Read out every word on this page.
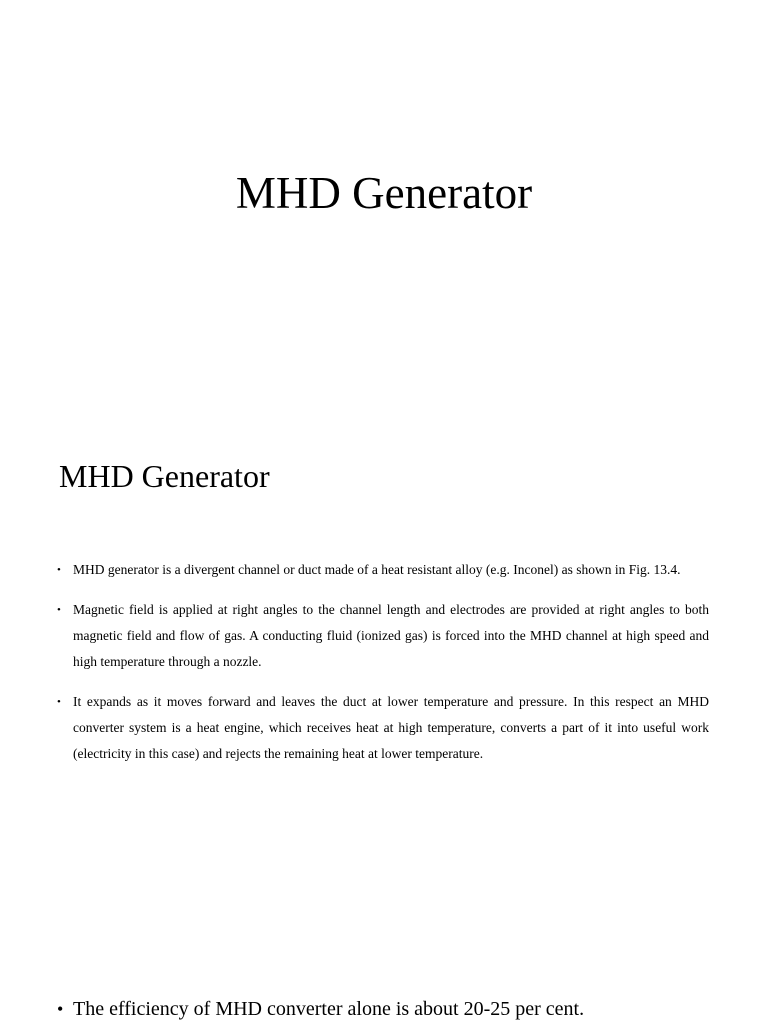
MHD Generator
MHD Generator
• MHD generator is a divergent channel or duct made of a heat resistant alloy (e.g. Inconel) as shown in Fig. 13.4.
• Magnetic field is applied at right angles to the channel length and electrodes are provided at right angles to both magnetic field and flow of gas. A conducting fluid (ionized gas) is forced into the MHD channel at high speed and high temperature through a nozzle.
• It expands as it moves forward and leaves the duct at lower temperature and pressure. In this respect an MHD converter system is a heat engine, which receives heat at high temperature, converts a part of it into useful work (electricity in this case) and rejects the remaining heat at lower temperature.
• The efficiency of MHD converter alone is about 20-25 per cent.
